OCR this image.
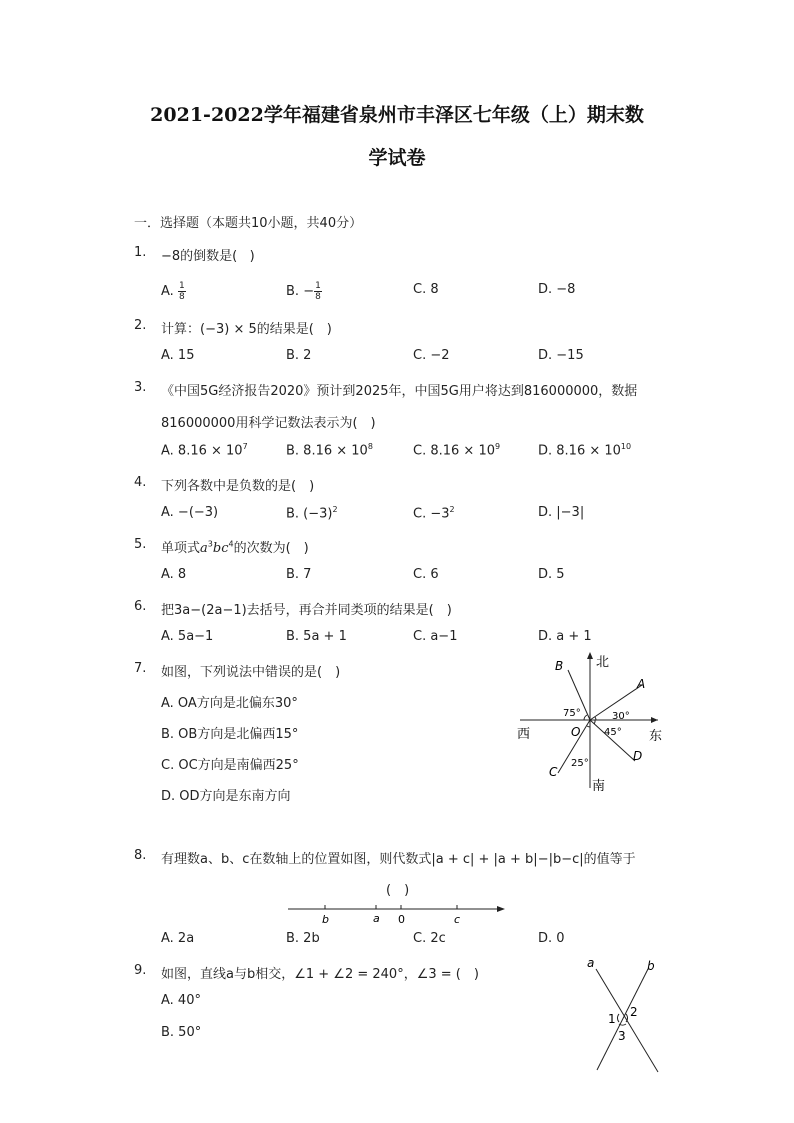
2021-2022学年福建省泉州市丰泽区七年级（上）期末数
学试卷
一．选择题（本题共10小题，共40分）
1. −8的倒数是( )
A. $\frac{1}{8}$	B. − $\frac{1}{8}$	C. 8	D. −8
2. 计算：(−3) × 5的结果是(　)
A. 15	B. 2	C. −2	D. −15
3. 《中国5G经济报告2020》预计到2025年，中国5G用户将达到816000000，数据
816000000用科学记数法表示为(　)
A. $8.16 \times 10^7$	B. $8.16 \times 10^8$	C. $8.16 \times 10^9$	D. $8.16 \times 10^{10}$
4. 下列各数中是负数的是(　)
A. −(−3)	B. $(-3)^2$	C. $-3^2$	D. |−3|
5. 单项式$a^3bc^4$的次数为(　)
A. 8	B. 7	C. 6	D. 5
6. 把3a−(2a−1)去括号，再合并同类项的结果是(　)
A. 5a−1	B. 5a + 1	C. a−1	D. a + 1
7. 如图，下列说法中错误的是(　)
A. OA方向是北偏东30°
B. OB方向是北偏西15°
C. OC方向是南偏西25°
D. OD方向是东南方向
北
南
东
西
A
B
C
D
O
75°	30°
45°
25°
8. 有理数a、b、c在数轴上的位置如图，则代数式|a + c| + |a + b|−|b−c|的值等于
(　)
b	a 0	c
A. 2a	B. 2b	C. 2c	D. 0
9. 如图，直线a与b相交，∠1 + ∠2 = 240°，∠3 = (　)
A. 40°
B. 50°
a	b
1 2
3
